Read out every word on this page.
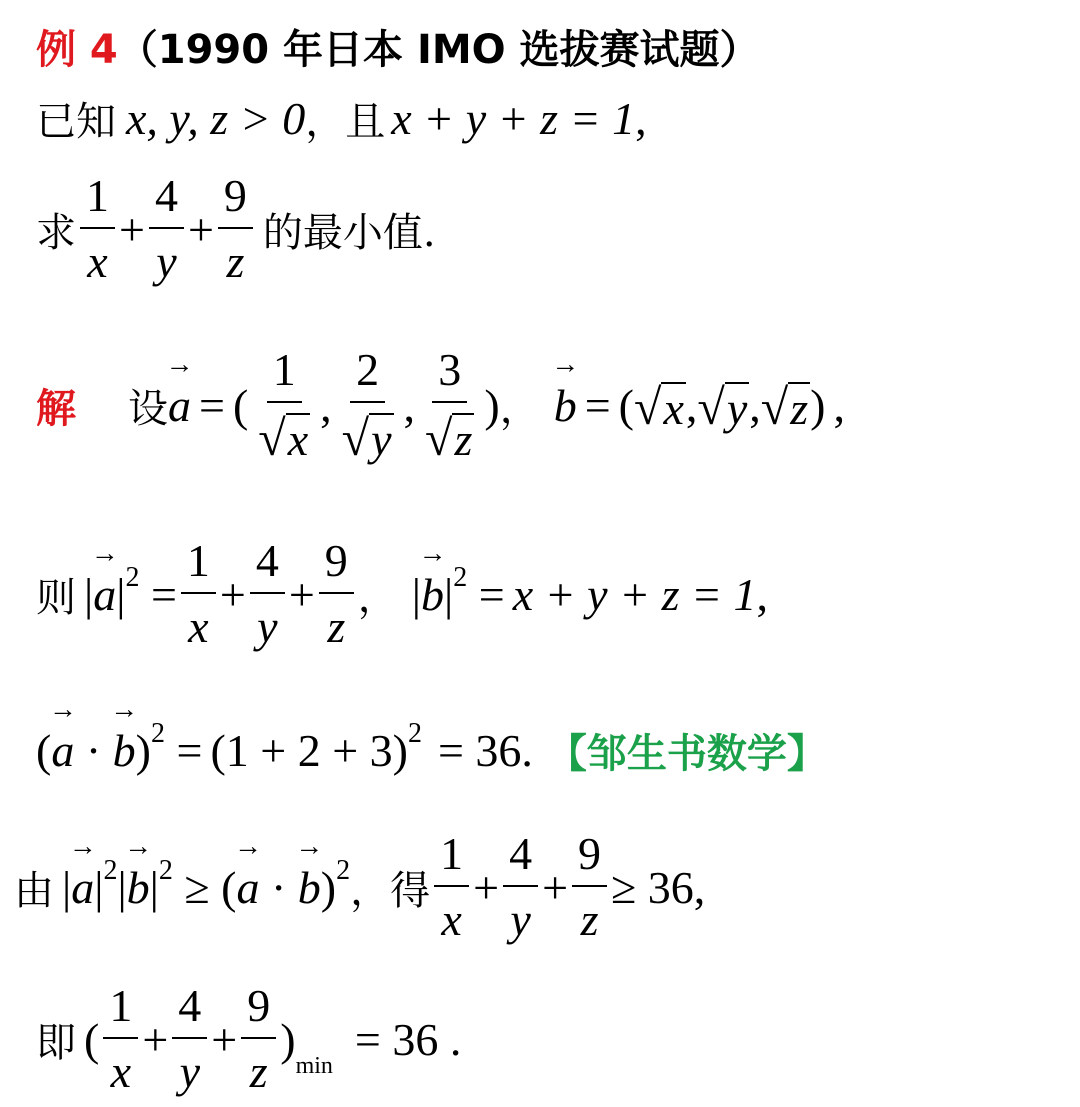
例 4 （1990 年日本 IMO 选拔赛试题）
已知 x, y, z > 0 ，且 x + y + z = 1 ,
求 $\frac{1}{x} + \frac{4}{y} + \frac{9}{z}$ 的最小值.
解 设 → a = ( $\frac{1}{√ x}$ , $\frac{2}{√ y}$ , $\frac{3}{√ z}$ ) ， → b = ( √ x , √ y , √ z ) ,
则 |→ $a|^2 = \frac{1}{x} + \frac{4}{y} + \frac{9}{z}$ ， |→ $b|^2 = x + y + z = 1$ ,
(→ a · → $b)^2 = (1 + 2 + 3)^2 = 36$. 【邹生书数学】
由 |→ $a|^2|\to b|^2$ ≥ (→ a · → b)$^2$ ，得 $\frac{1}{x} + \frac{4}{y} + \frac{9}{z} \ge 36$ ,
即 ( $\frac{1}{x} + \frac{4}{y} + \frac{9}{z} )_{min}$
= 36 .
